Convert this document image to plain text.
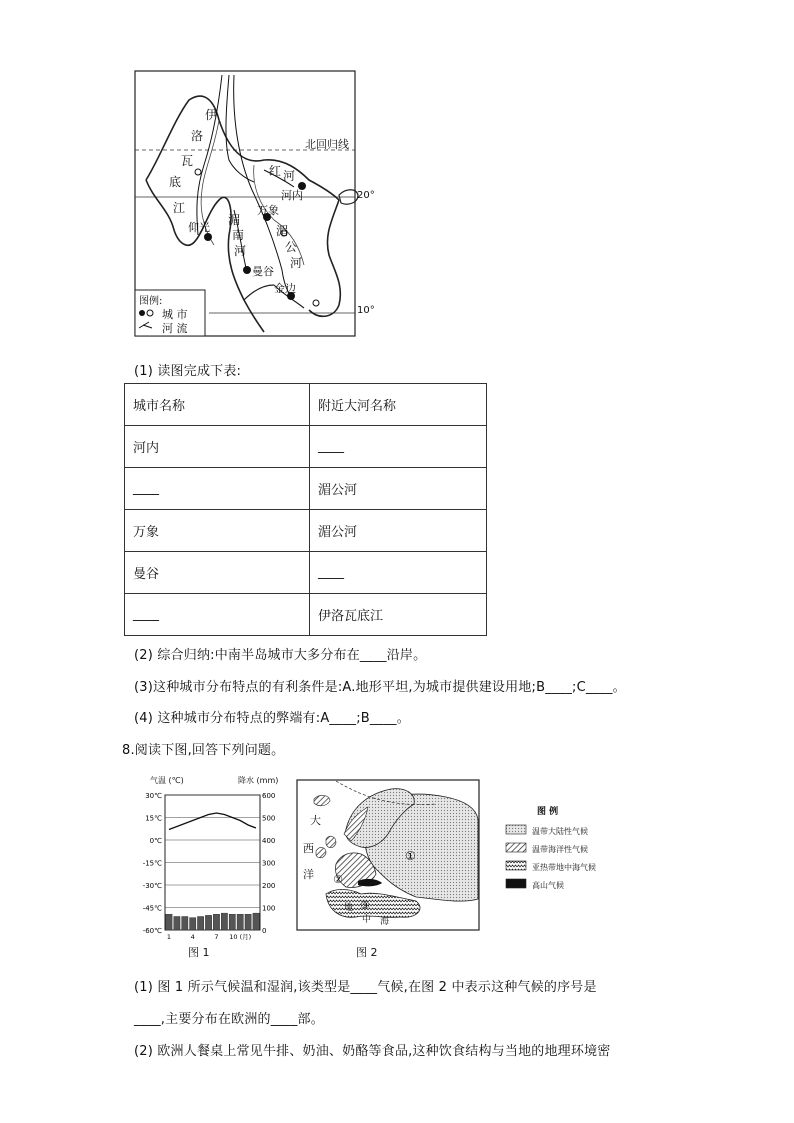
北回归线
20°
10°
伊
洛
瓦
底
江
红 河
湄
南
河
湄
公
河
河内
仰光
万象
曼谷
金边
图例:
城 市
河 流
(1) 读图完成下表:
城市名称	附近大河名称
河内	____
____	湄公河
万象	湄公河
曼谷	____
____	伊洛瓦底江
(2) 综合归纳:中南半岛城市大多分布在____沿岸。
(3)这种城市分布特点的有利条件是:A.地形平坦,为城市提供建设用地;B____;C____。
(4) 这种城市分布特点的弊端有:A____;B____。
8.阅读下图,回答下列问题。
气温 (℃)	降水 (mm)
30℃
15℃
0℃
-15℃
-30℃
-45℃
-60℃
600
500
400
300
200
100
0
1	4	7 10 (月)
图 1
大
西
洋
①
②
③
地
中 海
图 2
图 例
温带大陆性气候
温带海洋性气候
亚热带地中海气候
高山气候
(1) 图 1 所示气候温和湿润,该类型是____气候,在图 2 中表示这种气候的序号是
____,主要分布在欧洲的____部。
(2) 欧洲人餐桌上常见牛排、奶油、奶酪等食品,这种饮食结构与当地的地理环境密
